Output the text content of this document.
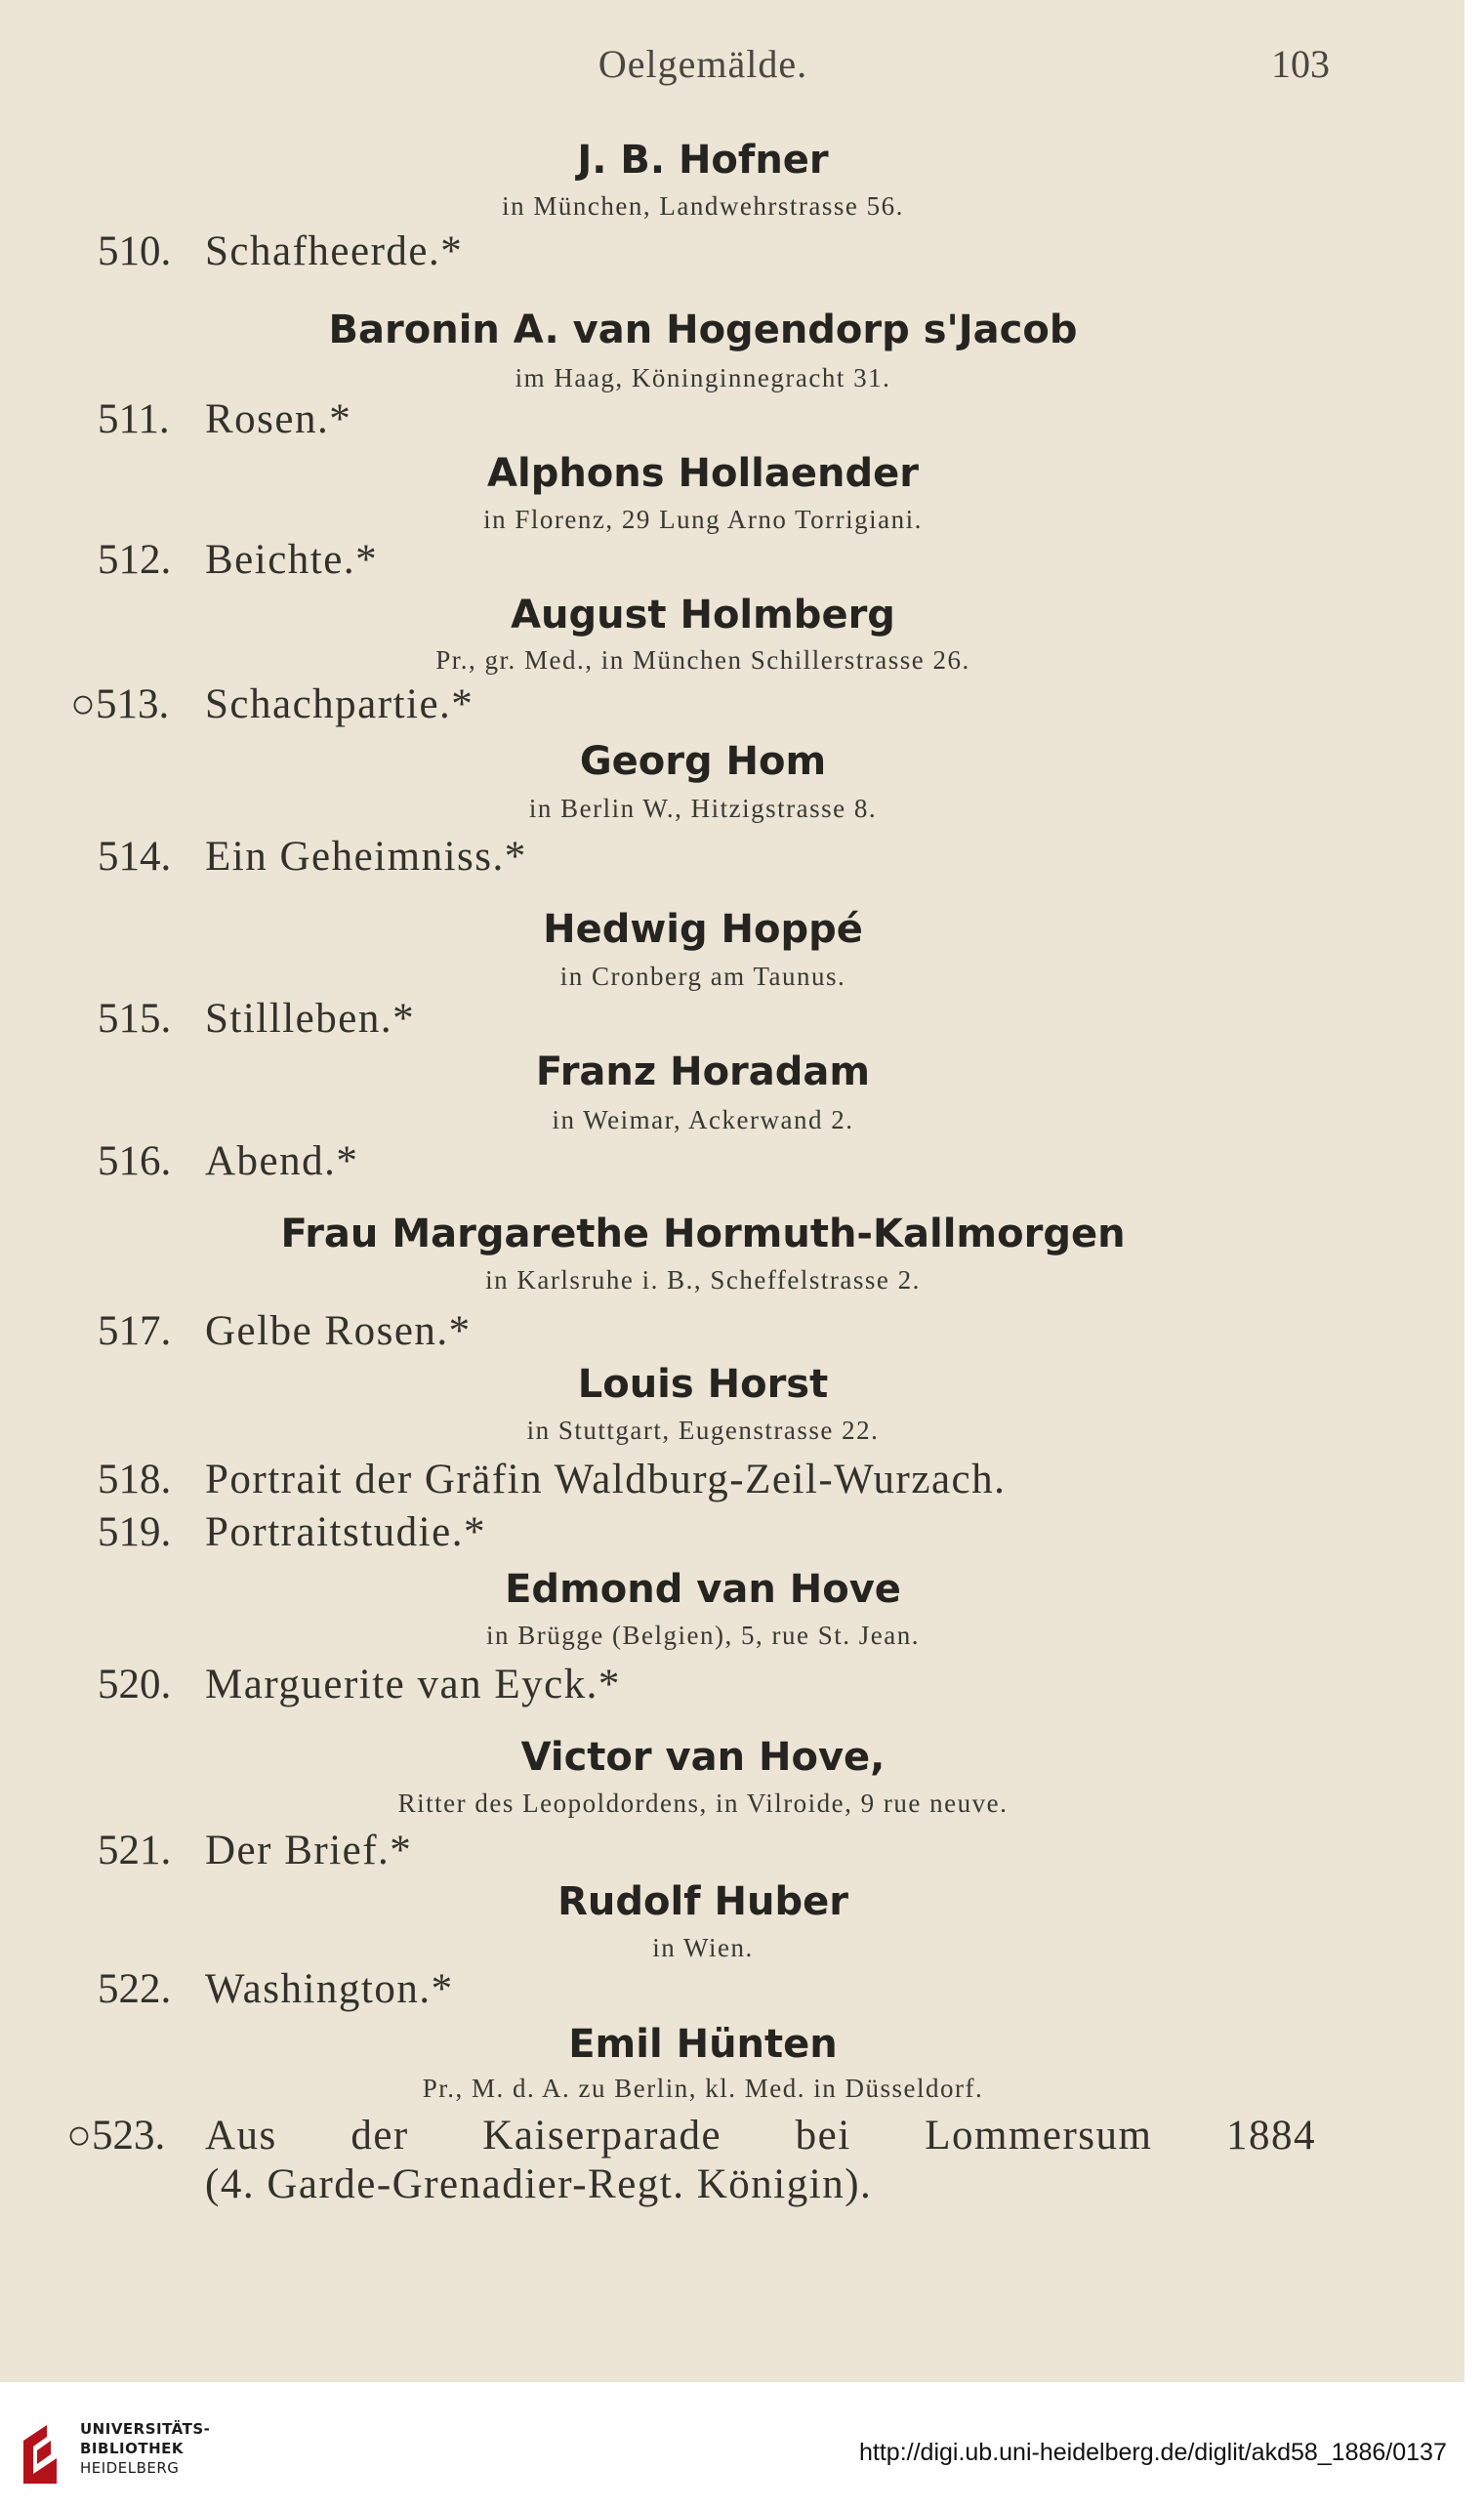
Oelgemälde.	103
J. B. Hofner
in München, Landwehrstrasse 56.
510. Schafheerde.*
Baronin A. van Hogendorp s'Jacob
im Haag, Köninginnegracht 31.
511. Rosen.*
Alphons Hollaender
in Florenz, 29 Lung Arno Torrigiani.
512. Beichte.*
August Holmberg
Pr., gr. Med., in München Schillerstrasse 26.
○513. Schachpartie.*
Georg Hom
in Berlin W., Hitzigstrasse 8.
514. Ein Geheimniss.*
Hedwig Hoppé
in Cronberg am Taunus.
515. Stillleben.*
Franz Horadam
in Weimar, Ackerwand 2.
516. Abend.*
Frau Margarethe Hormuth-Kallmorgen
in Karlsruhe i. B., Scheffelstrasse 2.
517. Gelbe Rosen.*
Louis Horst
in Stuttgart, Eugenstrasse 22.
518. Portrait der Gräfin Waldburg-Zeil-Wurzach.
519. Portraitstudie.*
Edmond van Hove
in Brügge (Belgien), 5, rue St. Jean.
520. Marguerite van Eyck.*
Victor van Hove,
Ritter des Leopoldordens, in Vilroide, 9 rue neuve.
521. Der Brief.*
Rudolf Huber
in Wien.
522. Washington.*
Emil Hünten
Pr., M. d. A. zu Berlin, kl. Med. in Düsseldorf.
○523. Aus der Kaiserparade bei Lommersum 1884
(4. Garde-Grenadier-Regt. Königin).
UNIVERSITÄTS-
BIBLIOTHEK
HEIDELBERG
http://digi.ub.uni-heidelberg.de/diglit/akd58_1886/0137
